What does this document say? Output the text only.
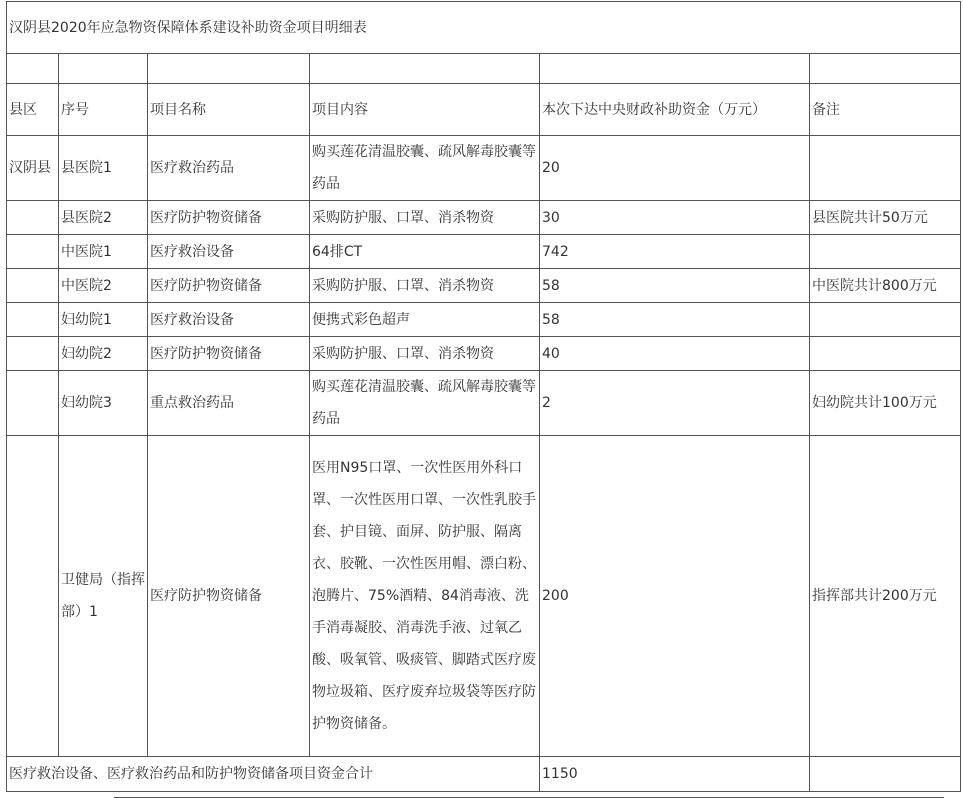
汉阴县2020年应急物资保障体系建设补助资金项目明细表					

县区	序号	项目名称	项目内容	本次下达中央财政补助资金（万元）	备注
汉阴县	县医院1	医疗救治药品	购买莲花清温胶囊、疏风解毒胶囊等药品	20	
	县医院2	医疗防护物资储备	采购防护服、口罩、消杀物资	30	县医院共计50万元
	中医院1	医疗救治设备	64排CT	742	
	中医院2	医疗防护物资储备	采购防护服、口罩、消杀物资	58	中医院共计800万元
	妇幼院1	医疗救治设备	便携式彩色超声	58	
	妇幼院2	医疗防护物资储备	采购防护服、口罩、消杀物资	40	
	妇幼院3	重点救治药品	购买莲花清温胶囊、疏风解毒胶囊等药品	2	妇幼院共计100万元
	卫健局（指挥部）1	医疗防护物资储备	医用N95口罩、一次性医用外科口罩、一次性医用口罩、一次性乳胶手套、护目镜、面屏、防护服、隔离衣、胶靴、一次性医用帽、漂白粉、泡腾片、75%酒精、84消毒液、洗手消毒凝胶、消毒洗手液、过氧乙酸、吸氧管、吸痰管、脚踏式医疗废物垃圾箱、医疗废弃垃圾袋等医疗防护物资储备。	200	指挥部共计200万元
医疗救治设备、医疗救治药品和防护物资储备项目资金合计				1150	
